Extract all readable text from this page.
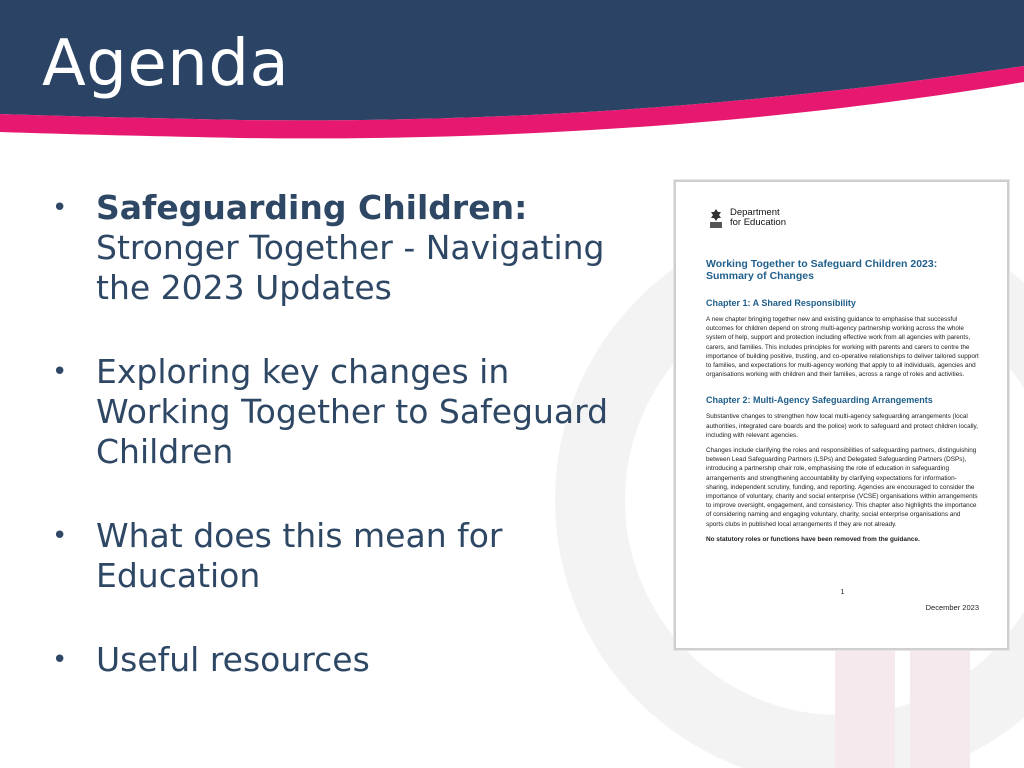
Agenda
• Safeguarding Children:
Stronger Together - Navigating the 2023 Updates
• Exploring key changes in Working Together to Safeguard Children
• What does this mean for Education
• Useful resources
Department
for Education
Working Together to Safeguard Children 2023:
Summary of Changes
Chapter 1: A Shared Responsibility
A new chapter bringing together new and existing guidance to emphasise that successful outcomes for children depend on strong multi-agency partnership working across the whole system of help, support and protection including effective work from all agencies with parents, carers, and families. This includes principles for working with parents and carers to centre the importance of building positive, trusting, and co-operative relationships to deliver tailored support to families, and expectations for multi-agency working that apply to all individuals, agencies and organisations working with children and their families, across a range of roles and activities.
Chapter 2: Multi-Agency Safeguarding Arrangements
Substantive changes to strengthen how local multi-agency safeguarding arrangements (local authorities, integrated care boards and the police) work to safeguard and protect children locally, including with relevant agencies.
Changes include clarifying the roles and responsibilities of safeguarding partners, distinguishing between Lead Safeguarding Partners (LSPs) and Delegated Safeguarding Partners (DSPs), introducing a partnership chair role, emphasising the role of education in safeguarding arrangements and strengthening accountability by clarifying expectations for information-sharing, independent scrutiny, funding, and reporting. Agencies are encouraged to consider the importance of voluntary, charity and social enterprise (VCSE) organisations within arrangements to improve oversight, engagement, and consistency. This chapter also highlights the importance of considering naming and engaging voluntary, charity, social enterprise organisations and sports clubs in published local arrangements if they are not already.
No statutory roles or functions have been removed from the guidance.
1
December 2023
